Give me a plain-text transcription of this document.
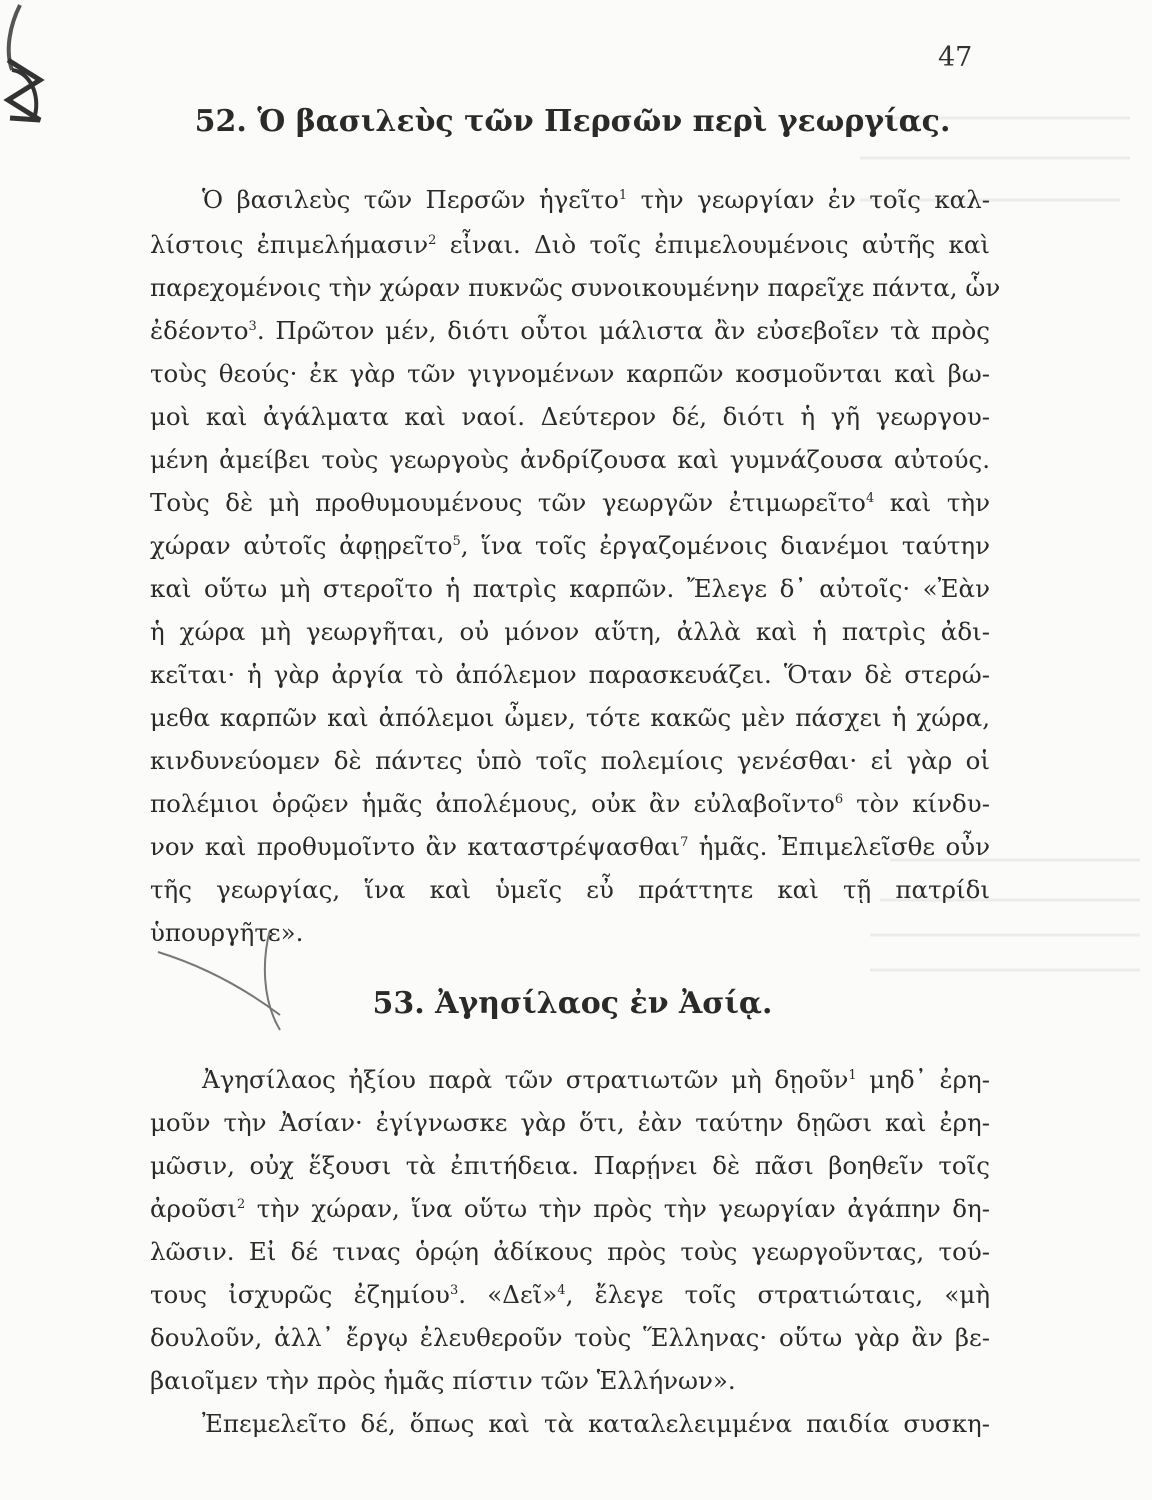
47
52. Ὁ βασιλεὺς τῶν Περσῶν περὶ γεωργίας.
Ὁ βασιλεὺς τῶν Περσῶν ἡγεῖτο$^1$ τὴν γεωργίαν ἐν τοῖς καλ-
λίστοις ἐπιμελήμασιν$^2$ εἶναι. Διὸ τοῖς ἐπιμελουμένοις αὐτῆς καὶ
παρεχομένοις τὴν χώραν πυκνῶς συνοικουμένην παρεῖχε πάντα, ὧν
ἐδέοντο$^3$. Πρῶτον μέν, διότι οὗτοι μάλιστα ἂν εὐσεβοῖεν τὰ πρὸς
τοὺς θεούς· ἐκ γὰρ τῶν γιγνομένων καρπῶν κοσμοῦνται καὶ βω-
μοὶ καὶ ἀγάλματα καὶ ναοί. Δεύτερον δέ, διότι ἡ γῆ γεωργου-
μένη ἀμείβει τοὺς γεωργοὺς ἀνδρίζουσα καὶ γυμνάζουσα αὐτούς.
Τοὺς δὲ μὴ προθυμουμένους τῶν γεωργῶν ἐτιμωρεῖτο$^4$ καὶ τὴν
χώραν αὐτοῖς ἀφῃρεῖτο$^5$, ἵνα τοῖς ἐργαζομένοις διανέμοι ταύτην
καὶ οὕτω μὴ στεροῖτο ἡ πατρὶς καρπῶν. Ἔλεγε δ᾽ αὐτοῖς· «Ἐὰν
ἡ χώρα μὴ γεωργῆται, οὐ μόνον αὕτη, ἀλλὰ καὶ ἡ πατρὶς ἀδι-
κεῖται· ἡ γὰρ ἀργία τὸ ἀπόλεμον παρασκευάζει. Ὅταν δὲ στερώ-
μεθα καρπῶν καὶ ἀπόλεμοι ὦμεν, τότε κακῶς μὲν πάσχει ἡ χώρα,
κινδυνεύομεν δὲ πάντες ὑπὸ τοῖς πολεμίοις γενέσθαι· εἰ γὰρ οἱ
πολέμιοι ὁρῷεν ἡμᾶς ἀπολέμους, οὐκ ἂν εὐλαβοῖντο$^6$ τὸν κίνδυ-
νον καὶ προθυμοῖντο ἂν καταστρέψασθαι$^7$ ἡμᾶς. Ἐπιμελεῖσθε οὖν
τῆς γεωργίας, ἵνα καὶ ὑμεῖς εὖ πράττητε καὶ τῇ πατρίδι
ὑπουργῆτε».
53. Ἀγησίλαος ἐν Ἀσίᾳ.
Ἀγησίλαος ἠξίου παρὰ τῶν στρατιωτῶν μὴ δῃοῦν$^1$ μηδ᾽ ἐρη-
μοῦν τὴν Ἀσίαν· ἐγίγνωσκε γὰρ ὅτι, ἐὰν ταύτην δῃῶσι καὶ ἐρη-
μῶσιν, οὐχ ἕξουσι τὰ ἐπιτήδεια. Παρῄνει δὲ πᾶσι βοηθεῖν τοῖς
ἀροῦσι$^2$ τὴν χώραν, ἵνα οὕτω τὴν πρὸς τὴν γεωργίαν ἀγάπην δη-
λῶσιν. Εἰ δέ τινας ὁρῴη ἀδίκους πρὸς τοὺς γεωργοῦντας, τού-
τους ἰσχυρῶς ἐζημίου$^3$. «Δεῖ»$^4$, ἔλεγε τοῖς στρατιώταις, «μὴ
δουλοῦν, ἀλλ᾽ ἔργῳ ἐλευθεροῦν τοὺς Ἕλληνας· οὕτω γὰρ ἂν βε-
βαιοῖμεν τὴν πρὸς ἡμᾶς πίστιν τῶν Ἑλλήνων».
Ἐπεμελεῖτο δέ, ὅπως καὶ τὰ καταλελειμμένα παιδία συσκη-
